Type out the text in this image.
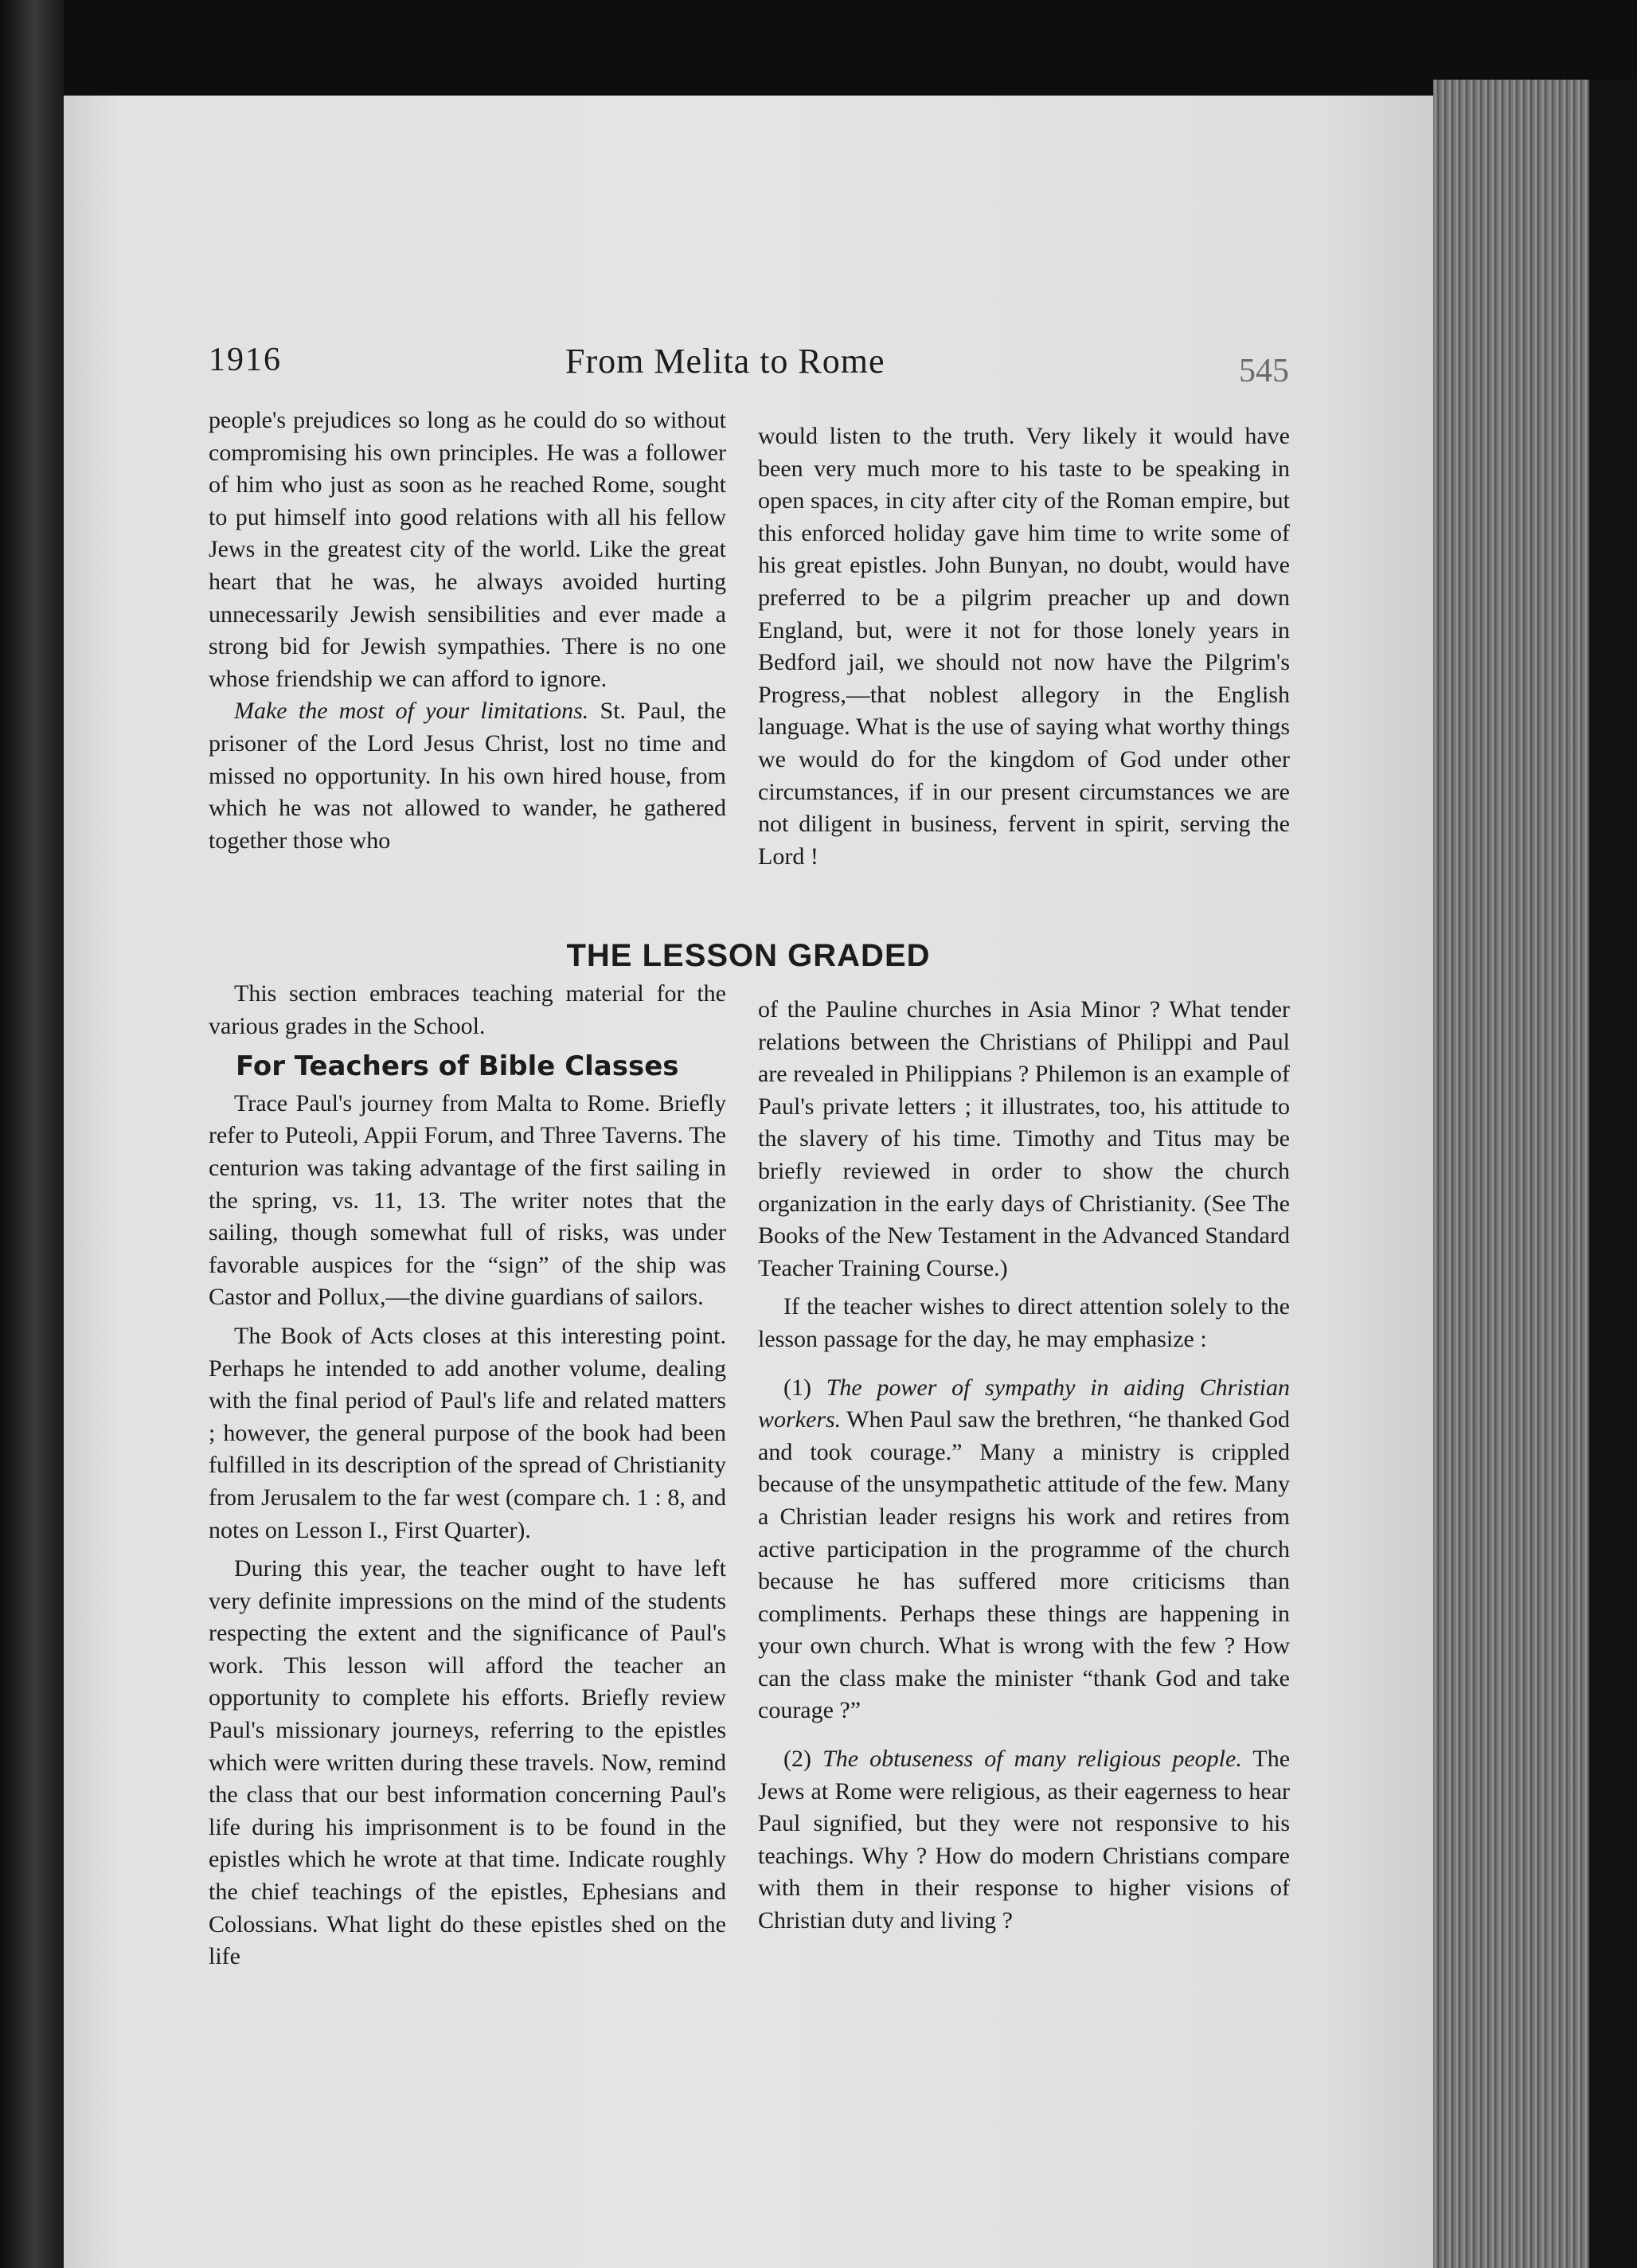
1916	From Melita to Rome	545

people's prejudices so long as he could do so without compromising his own principles. He was a follower of him who just as soon as he reached Rome, sought to put himself into good relations with all his fellow Jews in the greatest city of the world. Like the great heart that he was, he always avoided hurting unnecessarily Jewish sensibilities and ever made a strong bid for Jewish sympathies. There is no one whose friendship we can afford to ignore.

Make the most of your limitations. St. Paul, the prisoner of the Lord Jesus Christ, lost no time and missed no opportunity. In his own hired house, from which he was not allowed to wander, he gathered together those who

would listen to the truth. Very likely it would have been very much more to his taste to be speaking in open spaces, in city after city of the Roman empire, but this enforced holiday gave him time to write some of his great epistles. John Bunyan, no doubt, would have preferred to be a pilgrim preacher up and down England, but, were it not for those lonely years in Bedford jail, we should not now have the Pilgrim's Progress,—that noblest allegory in the English language. What is the use of saying what worthy things we would do for the kingdom of God under other circumstances, if in our present circumstances we are not diligent in business, fervent in spirit, serving the Lord !

THE LESSON GRADED

This section embraces teaching material for the various grades in the School.

For Teachers of Bible Classes

Trace Paul's journey from Malta to Rome. Briefly refer to Puteoli, Appii Forum, and Three Taverns. The centurion was taking advantage of the first sailing in the spring, vs. 11, 13. The writer notes that the sailing, though somewhat full of risks, was under favorable auspices for the “sign” of the ship was Castor and Pollux,—the divine guardians of sailors.

The Book of Acts closes at this interesting point. Perhaps he intended to add another volume, dealing with the final period of Paul's life and related matters ; however, the general purpose of the book had been fulfilled in its description of the spread of Christianity from Jerusalem to the far west (compare ch. 1 : 8, and notes on Lesson I., First Quarter).

During this year, the teacher ought to have left very definite impressions on the mind of the students respecting the extent and the significance of Paul's work. This lesson will afford the teacher an opportunity to complete his efforts. Briefly review Paul's missionary journeys, referring to the epistles which were written during these travels. Now, remind the class that our best information concerning Paul's life during his imprisonment is to be found in the epistles which he wrote at that time. Indicate roughly the chief teachings of the epistles, Ephesians and Colossians. What light do these epistles shed on the life

of the Pauline churches in Asia Minor ? What tender relations between the Christians of Philippi and Paul are revealed in Philippians ? Philemon is an example of Paul's private letters ; it illustrates, too, his attitude to the slavery of his time. Timothy and Titus may be briefly reviewed in order to show the church organization in the early days of Christianity. (See The Books of the New Testament in the Advanced Standard Teacher Training Course.)

If the teacher wishes to direct attention solely to the lesson passage for the day, he may emphasize :

(1) The power of sympathy in aiding Christian workers. When Paul saw the brethren, “he thanked God and took courage.” Many a ministry is crippled because of the unsympathetic attitude of the few. Many a Christian leader resigns his work and retires from active participation in the programme of the church because he has suffered more criticisms than compliments. Perhaps these things are happening in your own church. What is wrong with the few ? How can the class make the minister “thank God and take courage ?”

(2) The obtuseness of many religious people. The Jews at Rome were religious, as their eagerness to hear Paul signified, but they were not responsive to his teachings. Why ? How do modern Christians compare with them in their response to higher visions of Christian duty and living ?
